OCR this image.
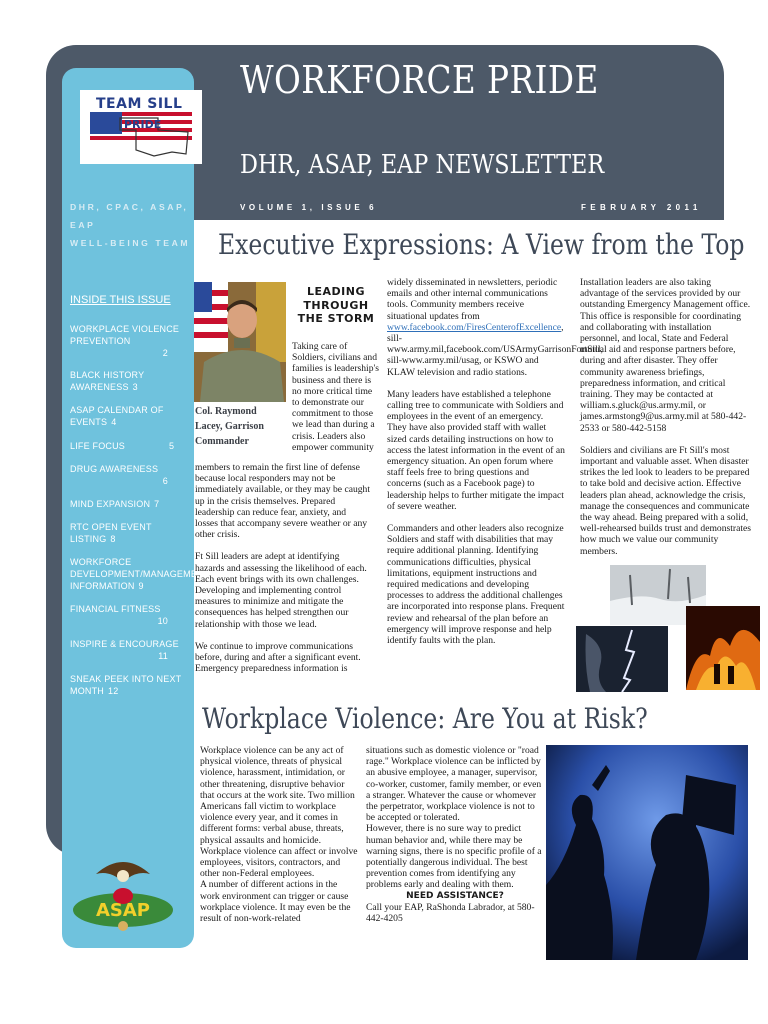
TEAM SILL
PRIDE
DHR, CPAC, ASAP, EAP
WELL-BEING TEAM
INSIDE THIS ISSUE
WORKPLACE VIOLENCE PREVENTION
2
BLACK HISTORY AWARENESS 3
ASAP CALENDAR OF EVENTS 4
LIFE FOCUS	5
DRUG AWARENESS
6
MIND EXPANSION 7
RTC OPEN EVENT LISTING 8
WORKFORCE DEVELOPMENT/MANAGEMENT INFORMATION 9
FINANCIAL FITNESS
10
INSPIRE & ENCOURAGE
11
SNEAK PEEK INTO NEXT MONTH 12
ASAP
WORKFORCE PRIDE
DHR, ASAP, EAP NEWSLETTER
VOLUME 1, ISSUE 6	FEBRUARY 2011
Executive Expressions: A View from the Top
Col. Raymond Lacey, Garrison Commander
LEADING THROUGH THE STORM
Taking care of Soldiers, civilians and families is leadership's business and there is no more critical time to demonstrate our commitment to those we lead than during a crisis. Leaders also empower community

members to remain the first line of defense because local responders may not be immediately available, or they may be caught up in the crisis themselves. Prepared leadership can reduce fear, anxiety, and losses that accompany severe weather or any other crisis.

Ft Sill leaders are adept at identifying hazards and assessing the likelihood of each. Each event brings with its own challenges. Developing and implementing control measures to minimize and mitigate the consequences has helped strengthen our relationship with those we lead.

We continue to improve communications before, during and after a significant event. Emergency preparedness information is

widely disseminated in newsletters, periodic emails and other internal communications tools. Community members receive situational updates from www.facebook.com/FiresCenterofExcellence, sill-www.army.mil,facebook.com/USArmyGarrisonFortSill, sill-www.army.mil/usag, or KSWO and KLAW television and radio stations.

Many leaders have established a telephone calling tree to communicate with Soldiers and employees in the event of an emergency. They have also provided staff with wallet sized cards detailing instructions on how to access the latest information in the event of an emergency situation. An open forum where staff feels free to bring questions and concerns (such as a Facebook page) to leadership helps to further mitigate the impact of severe weather.

Commanders and other leaders also recognize Soldiers and staff with disabilities that may require additional planning. Identifying communications difficulties, physical limitations, equipment instructions and required medications and developing processes to address the additional challenges are incorporated into response plans. Frequent review and rehearsal of the plan before an emergency will improve response and help identify faults with the plan.

Installation leaders are also taking advantage of the services provided by our outstanding Emergency Management office. This office is responsible for coordinating and collaborating with installation personnel, and local, State and Federal mutual aid and response partners before, during and after disaster. They offer community awareness briefings, preparedness information, and critical training. They may be contacted at william.s.gluck@us.army.mil, or james.armstong9@us.army.mil at 580-442-2533 or 580-442-5158

Soldiers and civilians are Ft Sill's most important and valuable asset. When disaster strikes the led look to leaders to be prepared to take bold and decisive action. Effective leaders plan ahead, acknowledge the crisis, manage the consequences and communicate the way ahead. Being prepared with a solid, well-rehearsed builds trust and demonstrates how much we value our community members.

Workplace Violence: Are You at Risk?
Workplace violence can be any act of physical violence, threats of physical violence, harassment, intimidation, or other threatening, disruptive behavior that occurs at the work site. Two million Americans fall victim to workplace violence every year, and it comes in different forms: verbal abuse, threats, physical assaults and homicide. Workplace violence can affect or involve employees, visitors, contractors, and other non-Federal employees.
A number of different actions in the work environment can trigger or cause workplace violence. It may even be the result of non-work-related
situations such as domestic violence or "road rage." Workplace violence can be inflicted by an abusive employee, a manager, supervisor, co-worker, customer, family member, or even a stranger. Whatever the cause or whomever the perpetrator, workplace violence is not to be accepted or tolerated.
However, there is no sure way to predict human behavior and, while there may be warning signs, there is no specific profile of a potentially dangerous individual. The best prevention comes from identifying any problems early and dealing with them.
NEED ASSISTANCE?
Call your EAP, RaShonda Labrador, at 580-442-4205
